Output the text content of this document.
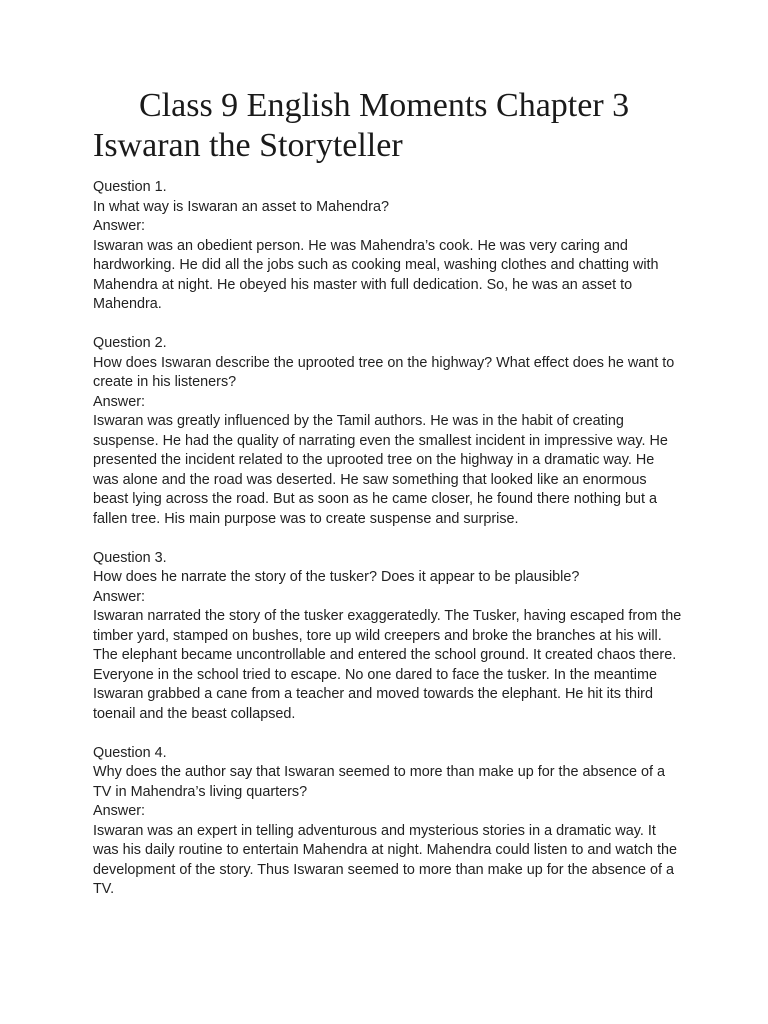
Class 9 English Moments Chapter 3 Iswaran the Storyteller

Question 1.

In what way is Iswaran an asset to Mahendra?

Answer:

Iswaran was an obedient person. He was Mahendra’s cook. He was very caring and hardworking. He did all the jobs such as cooking meal, washing clothes and chatting with Mahendra at night. He obeyed his master with full dedication. So, he was an asset to Mahendra.

Question 2.

How does Iswaran describe the uprooted tree on the highway? What effect does he want to create in his listeners?

Answer:

Iswaran was greatly influenced by the Tamil authors. He was in the habit of creating suspense. He had the quality of narrating even the smallest incident in impressive way. He presented the incident related to the uprooted tree on the highway in a dramatic way. He was alone and the road was deserted. He saw something that looked like an enormous beast lying across the road. But as soon as he came closer, he found there nothing but a fallen tree. His main purpose was to create suspense and surprise.

Question 3.

How does he narrate the story of the tusker? Does it appear to be plausible?

Answer:

Iswaran narrated the story of the tusker exaggeratedly. The Tusker, having escaped from the timber yard, stamped on bushes, tore up wild creepers and broke the branches at his will. The elephant became uncontrollable and entered the school ground. It created chaos there. Everyone in the school tried to escape. No one dared to face the tusker. In the meantime Iswaran grabbed a cane from a teacher and moved towards the elephant. He hit its third toenail and the beast collapsed.

Question 4.

Why does the author say that Iswaran seemed to more than make up for the absence of a TV in Mahendra’s living quarters?

Answer:

Iswaran was an expert in telling adventurous and mysterious stories in a dramatic way. It was his daily routine to entertain Mahendra at night. Mahendra could listen to and watch the development of the story. Thus Iswaran seemed to more than make up for the absence of a TV.
